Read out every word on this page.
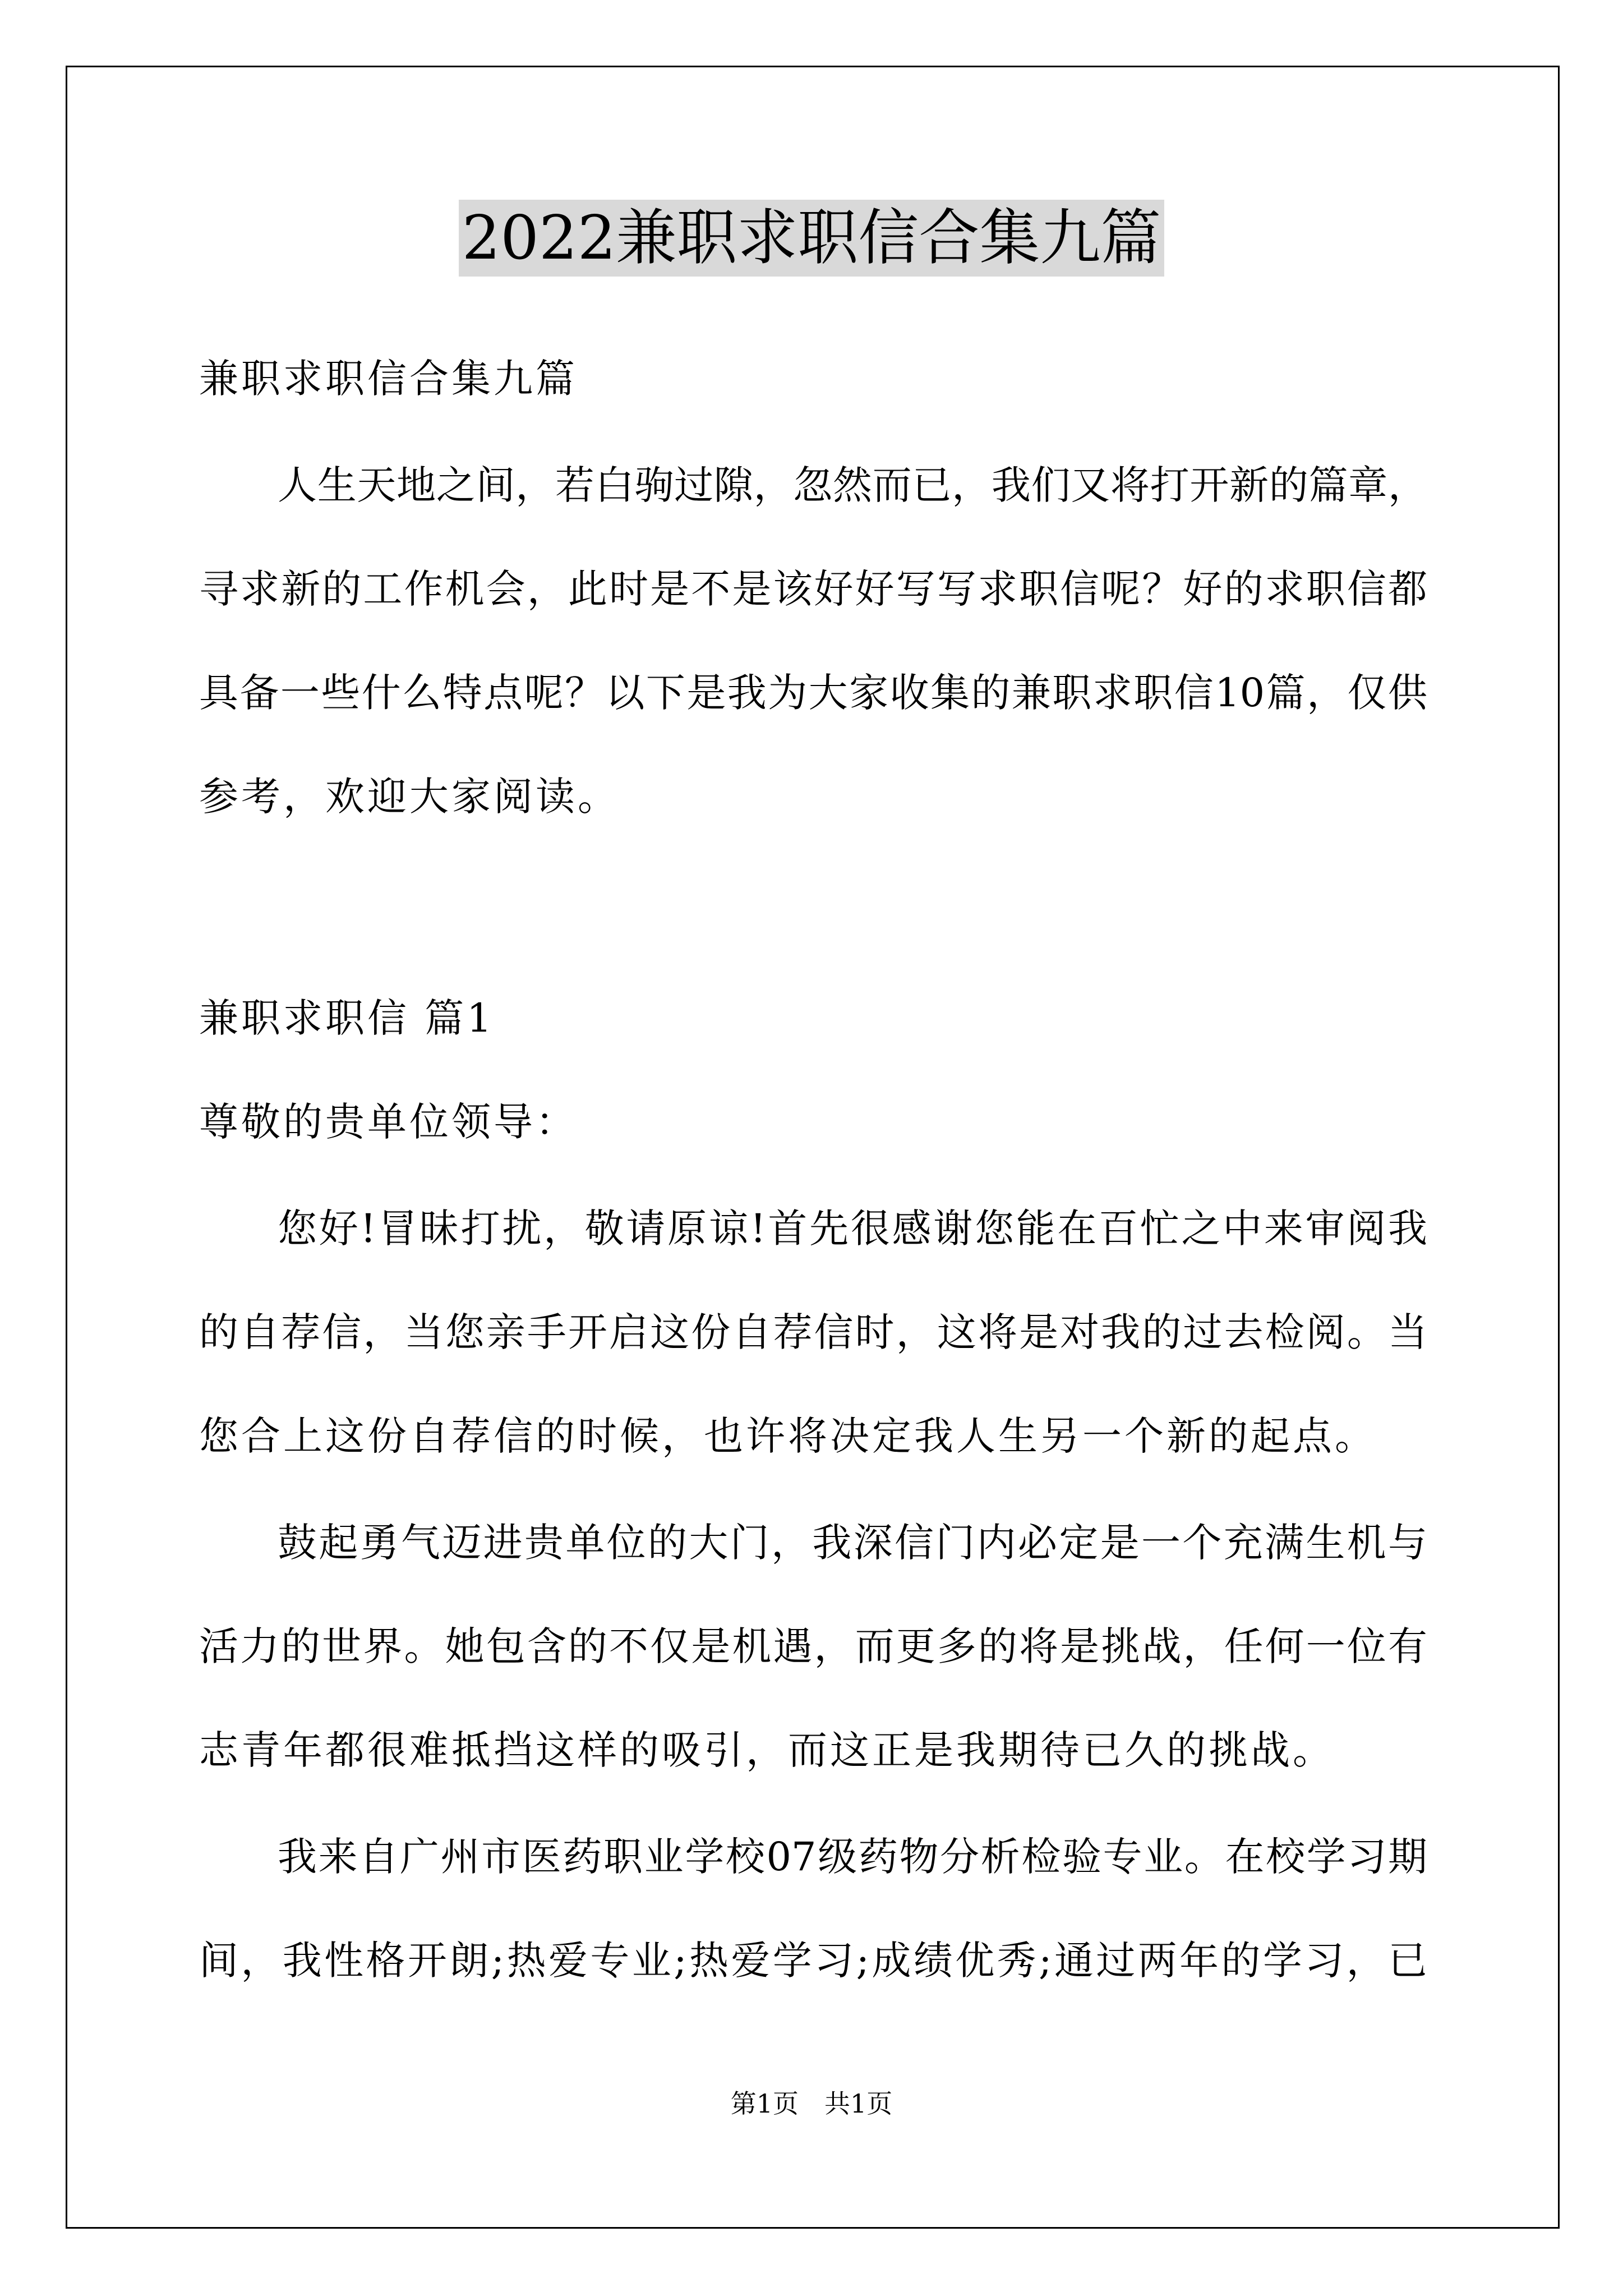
2022兼职求职信合集九篇
兼职求职信合集九篇
人生天地之间，若白驹过隙，忽然而已，我们又将打开新的篇章，
寻求新的工作机会，此时是不是该好好写写求职信呢？好的求职信都
具备一些什么特点呢？以下是我为大家收集的兼职求职信10篇，仅供
参考，欢迎大家阅读。
兼职求职信 篇1
尊敬的贵单位领导：
您好!冒昧打扰，敬请原谅!首先很感谢您能在百忙之中来审阅我
的自荐信，当您亲手开启这份自荐信时，这将是对我的过去检阅。当
您合上这份自荐信的时候，也许将决定我人生另一个新的起点。
鼓起勇气迈进贵单位的大门，我深信门内必定是一个充满生机与
活力的世界。她包含的不仅是机遇，而更多的将是挑战，任何一位有
志青年都很难抵挡这样的吸引，而这正是我期待已久的挑战。
我来自广州市医药职业学校07级药物分析检验专业。在校学习期
间，我性格开朗;热爱专业;热爱学习;成绩优秀;通过两年的学习，已
第1页　共1页
